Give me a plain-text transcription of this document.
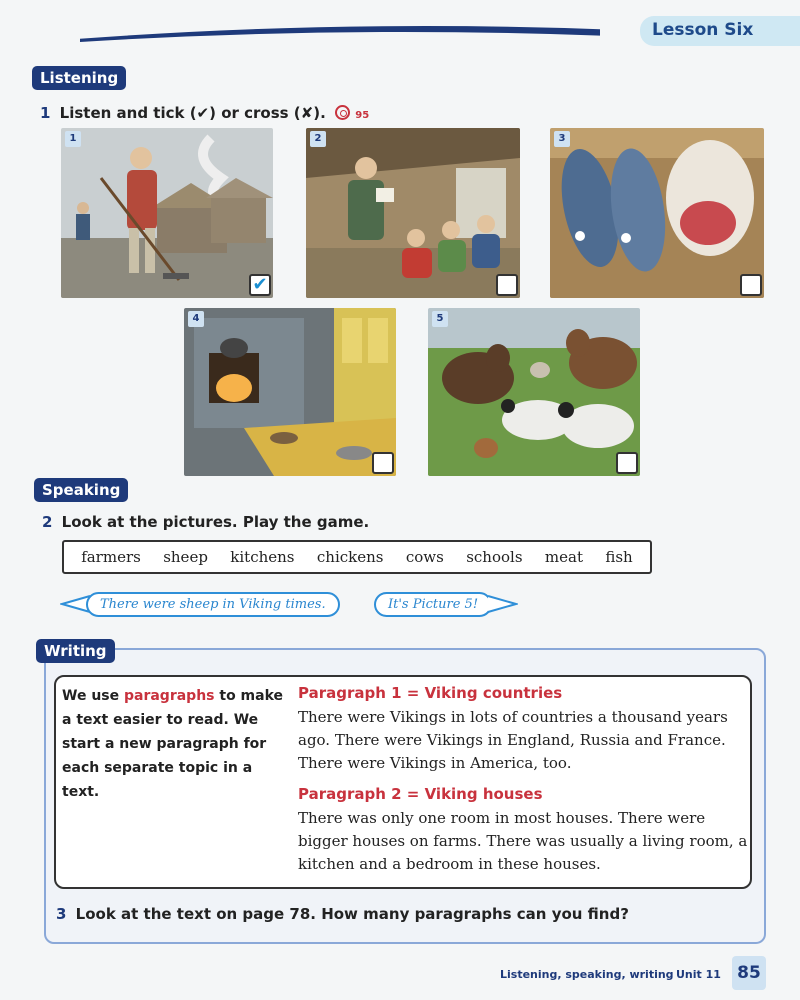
Lesson Six
Listening
1 Listen and tick (✔) or cross (✘).	95
1
✔
2	3
4	5
Speaking
2 Look at the pictures. Play the game.
farmers sheep kitchens chickens cows schools meat fish
There were sheep in Viking times.	It's Picture 5!
Writing
We use paragraphs to make a text easier to read. We start a new paragraph for each separate topic in a text.
Paragraph 1 = Viking countries
There were Vikings in lots of countries a thousand years ago. There were Vikings in England, Russia and France. There were Vikings in America, too.
Paragraph 2 = Viking houses
There was only one room in most houses. There were bigger houses on farms. There was usually a living room, a kitchen and a bedroom in these houses.
3 Look at the text on page 78. How many paragraphs can you find?
Listening, speaking, writing Unit 11 85
